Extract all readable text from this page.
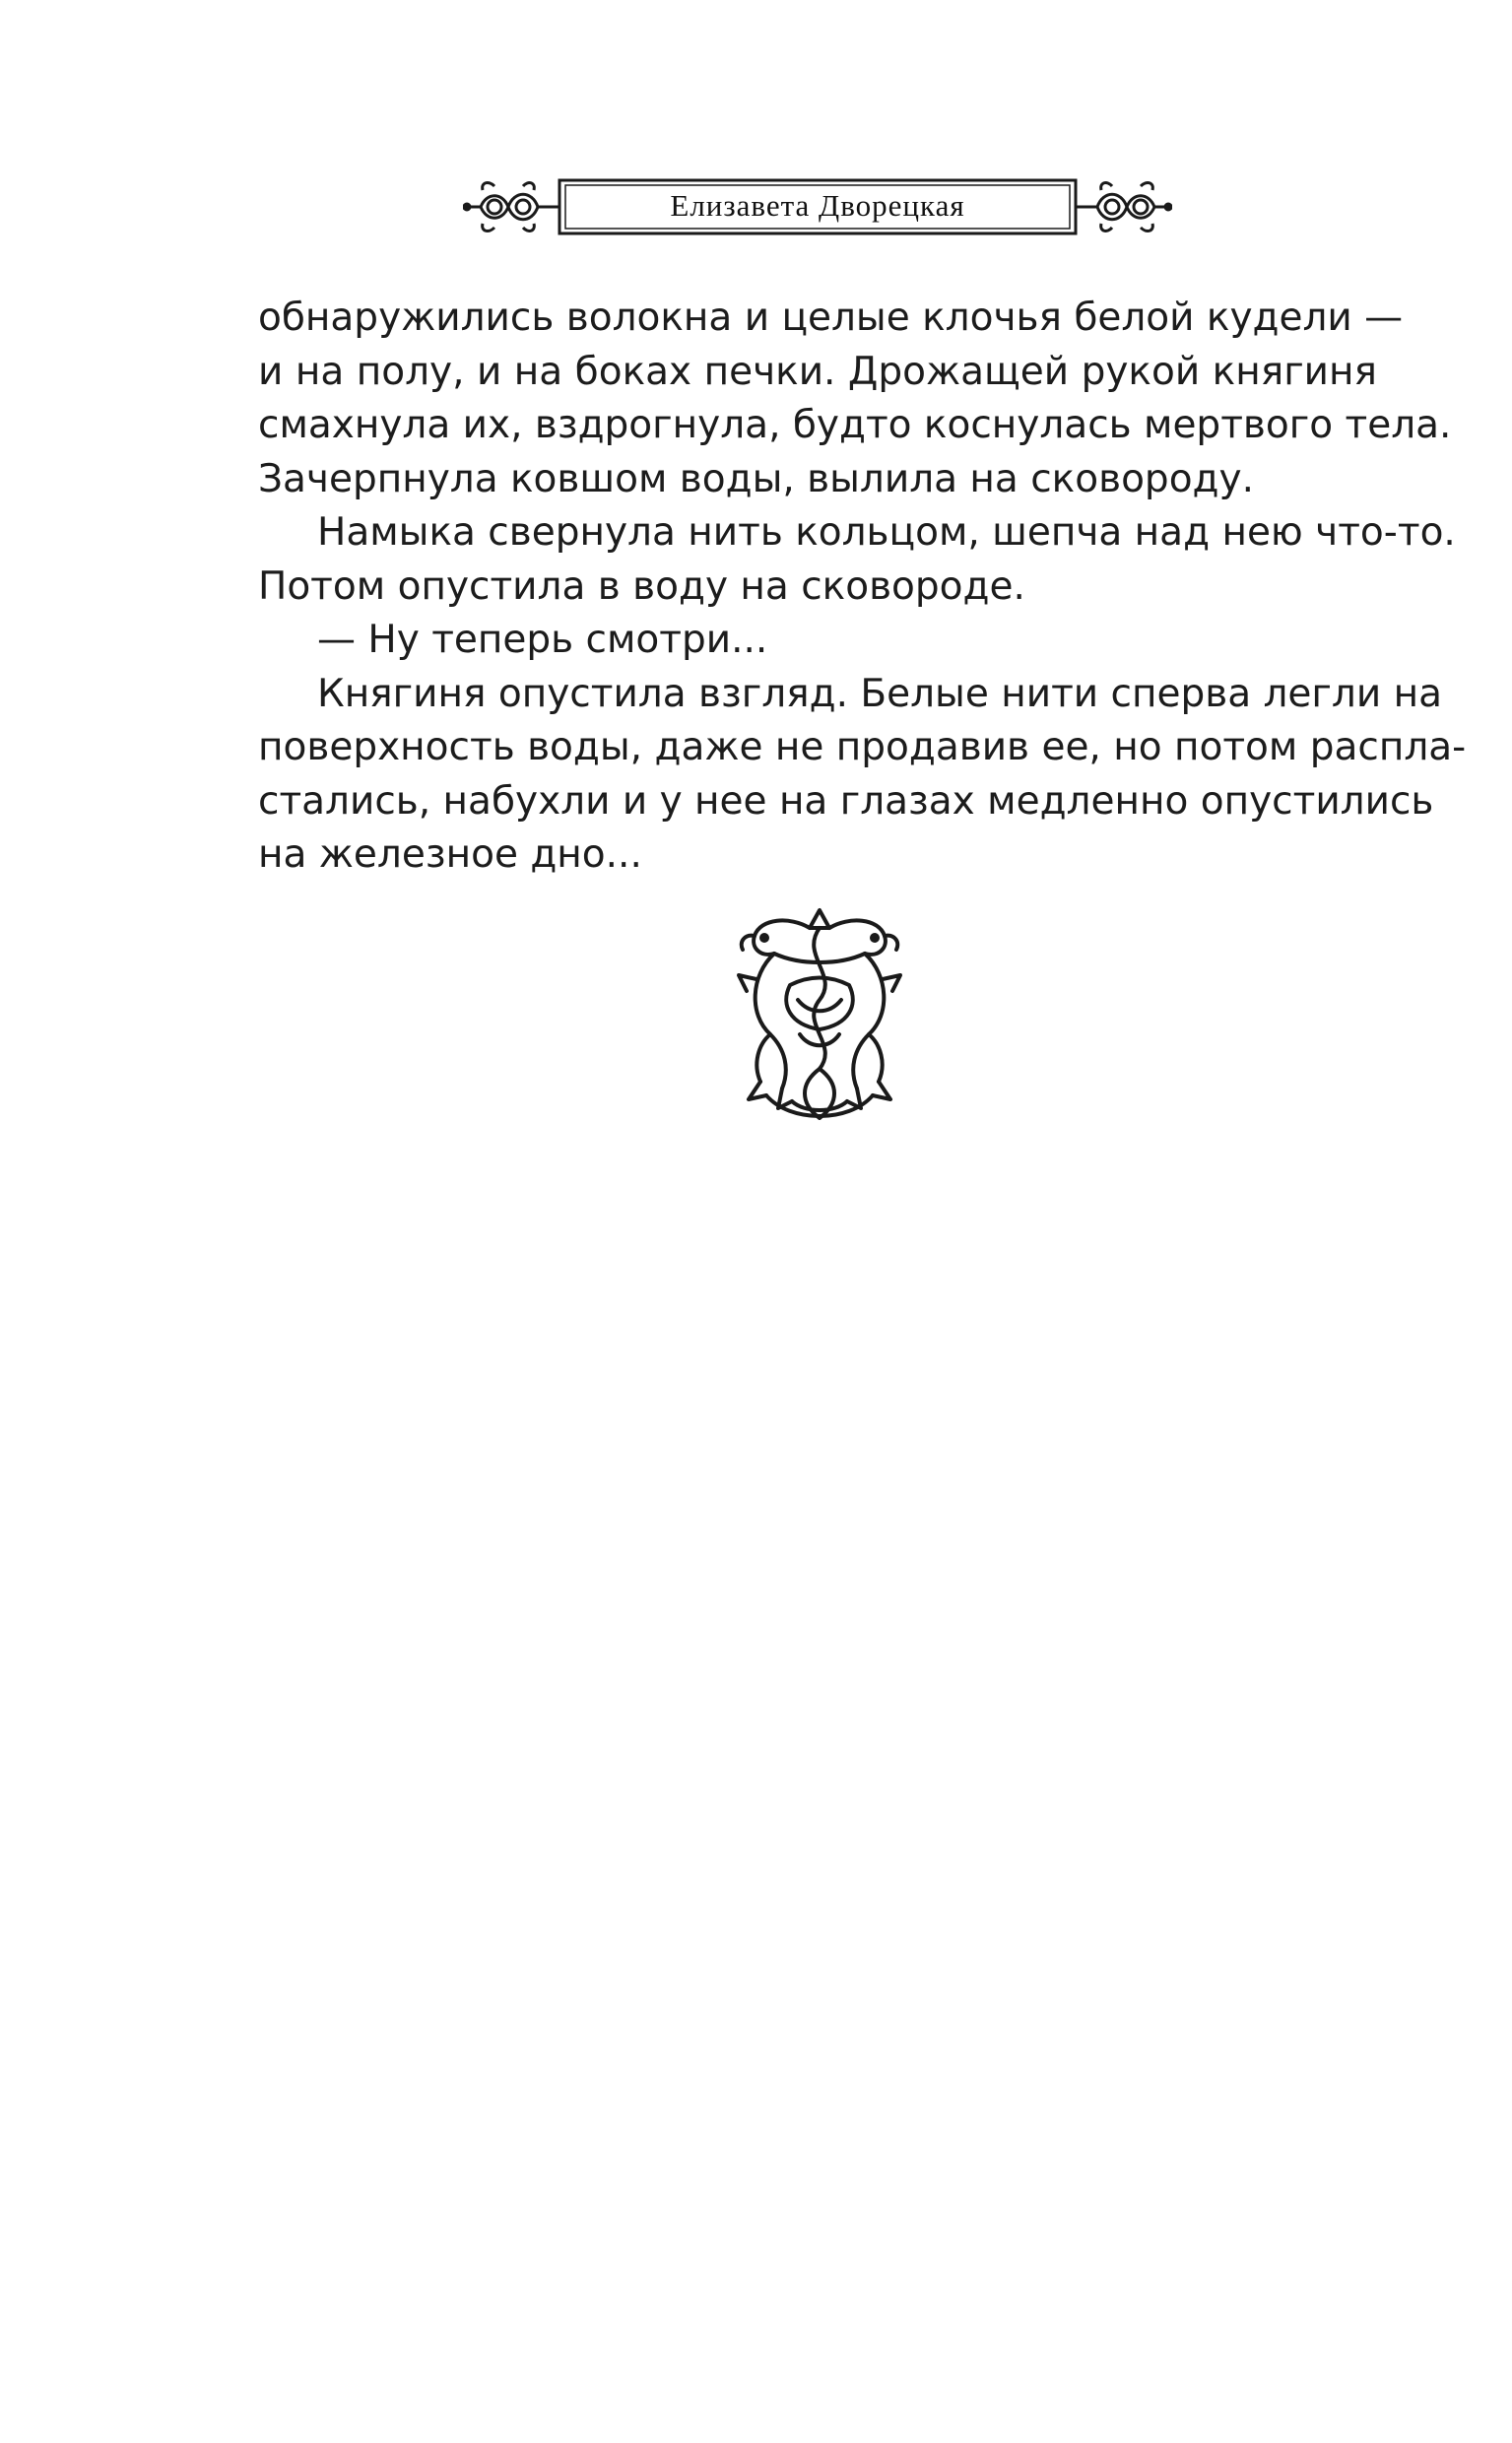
Елизавета Дворецкая
обнаружились волокна и целые клочья белой кудели —
и на полу, и на боках печки. Дрожащей рукой княгиня
смахнула их, вздрогнула, будто коснулась мертвого тела.
Зачерпнула ковшом воды, вылила на сковороду.
Намыка свернула нить кольцом, шепча над нею что-то.
Потом опустила в воду на сковороде.
— Ну теперь смотри...
Княгиня опустила взгляд. Белые нити сперва легли на
поверхность воды, даже не продавив ее, но потом распла-
стались, набухли и у нее на глазах медленно опустились
на железное дно...
